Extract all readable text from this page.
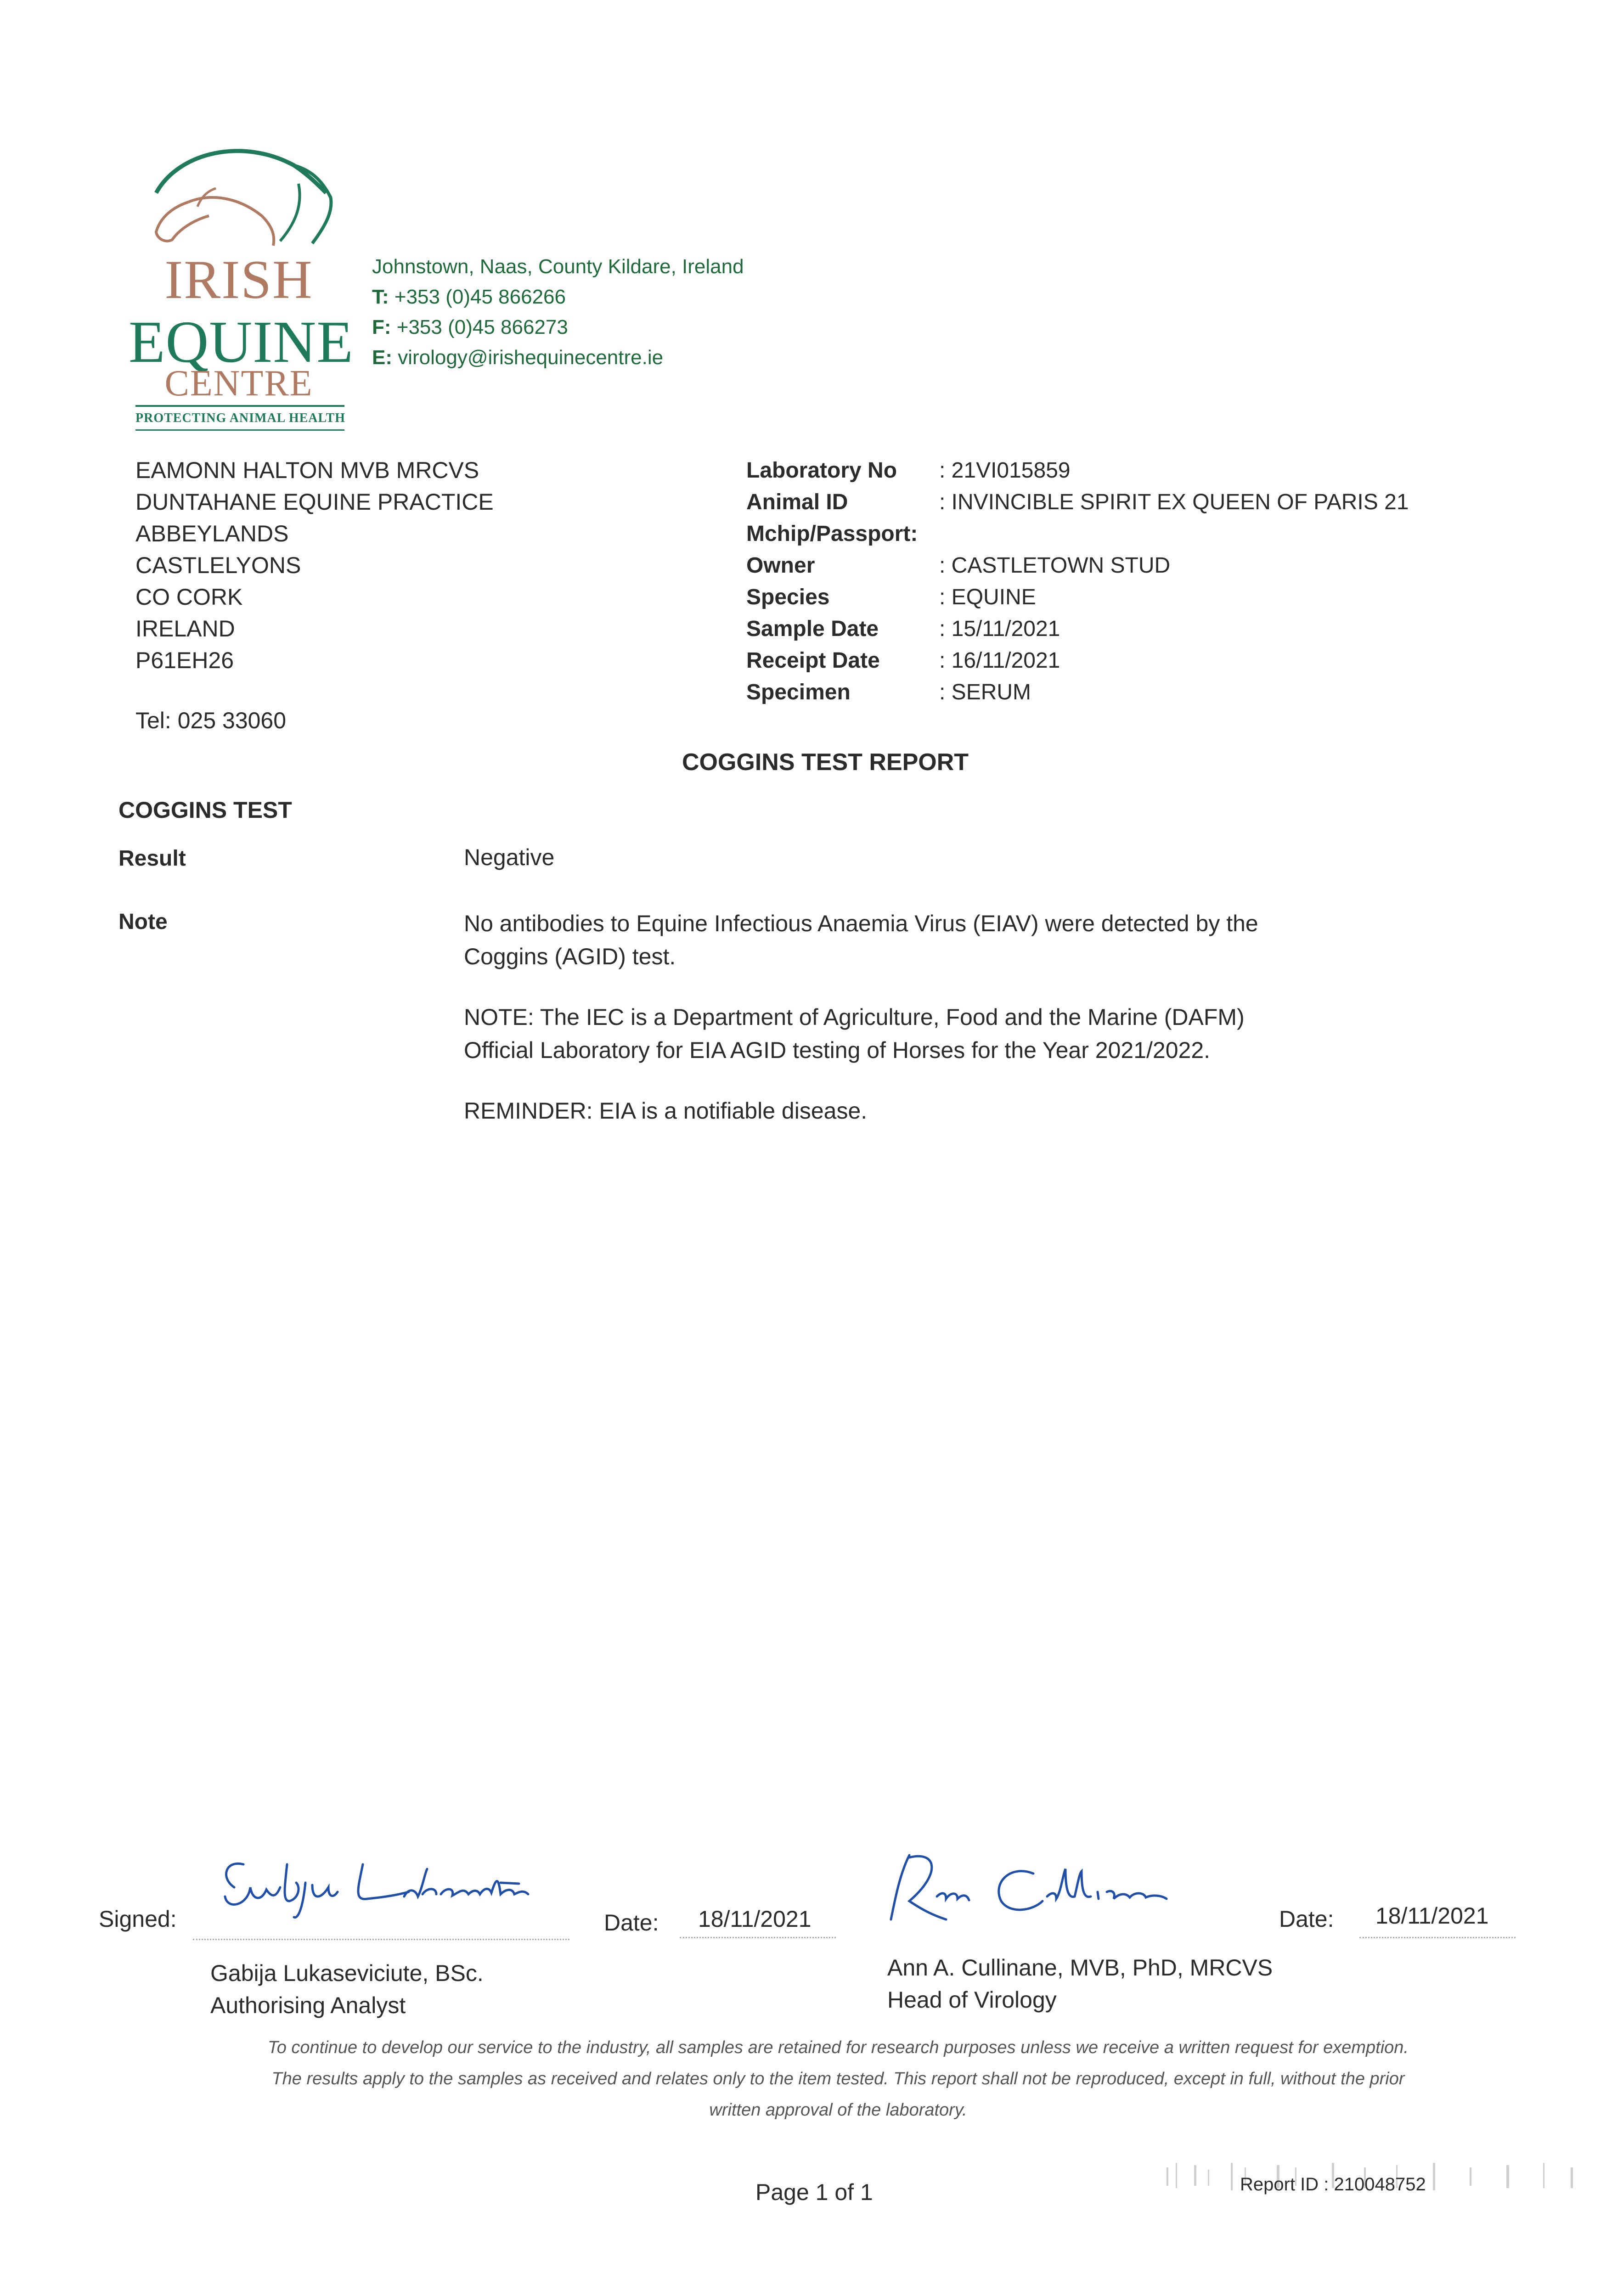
IRISH
EQUINE
CENTRE
PROTECTING ANIMAL HEALTH
Johnstown, Naas, County Kildare, Ireland
T: +353 (0)45 866266
F: +353 (0)45 866273
E: virology@irishequinecentre.ie
EAMONN HALTON MVB MRCVS
DUNTAHANE EQUINE PRACTICE
ABBEYLANDS
CASTLELYONS
CO CORK
IRELAND
P61EH26
Tel: 025 33060
Laboratory No	: 21VI015859
Animal ID	: INVINCIBLE SPIRIT EX QUEEN OF PARIS 21
Mchip/Passport:
Owner	: CASTLETOWN STUD
Species	: EQUINE
Sample Date	: 15/11/2021
Receipt Date	: 16/11/2021
Specimen	: SERUM
COGGINS TEST REPORT
COGGINS TEST
Result	Negative
Note	No antibodies to Equine Infectious Anaemia Virus (EIAV) were detected by the Coggins (AGID) test.

NOTE: The IEC is a Department of Agriculture, Food and the Marine (DAFM) Official Laboratory for EIA AGID testing of Horses for the Year 2021/2022.

REMINDER: EIA is a notifiable disease.

Signed:
Gabija Lukaseviciute
Date: 18/11/2021
Gabija Lukaseviciute, BSc.
Authorising Analyst
Ann Cullinane
Date: 18/11/2021
Ann A. Cullinane, MVB, PhD, MRCVS
Head of Virology
To continue to develop our service to the industry, all samples are retained for research purposes unless we receive a written request for exemption.
The results apply to the samples as received and relates only to the item tested. This report shall not be reproduced, except in full, without the prior
written approval of the laboratory.
Page 1 of 1	Report ID : 210048752
